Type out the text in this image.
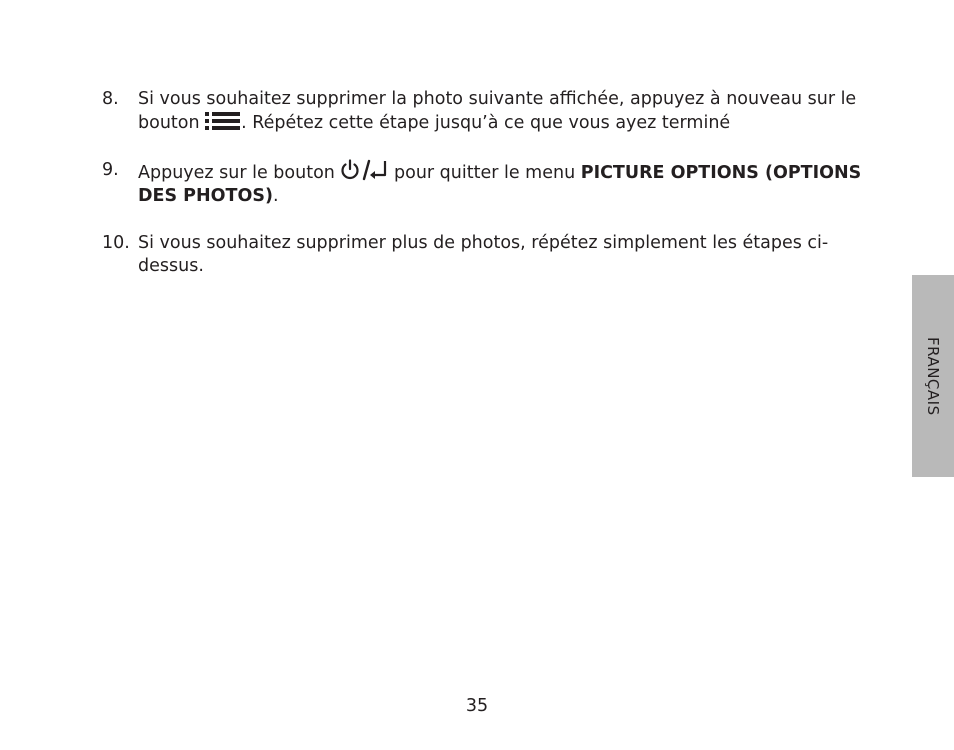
8.	Si vous souhaitez supprimer la photo suivante affichée, appuyez à nouveau sur le bouton
. Répétez cette étape jusqu’à ce que vous ayez terminé
9.	Appuyez sur le bouton	pour quitter le menu PICTURE OPTIONS (OPTIONS DES PHOTOS).
10. Si vous souhaitez supprimer plus de photos, répétez simplement les étapes ci-dessus.
FRANÇAIS
35
